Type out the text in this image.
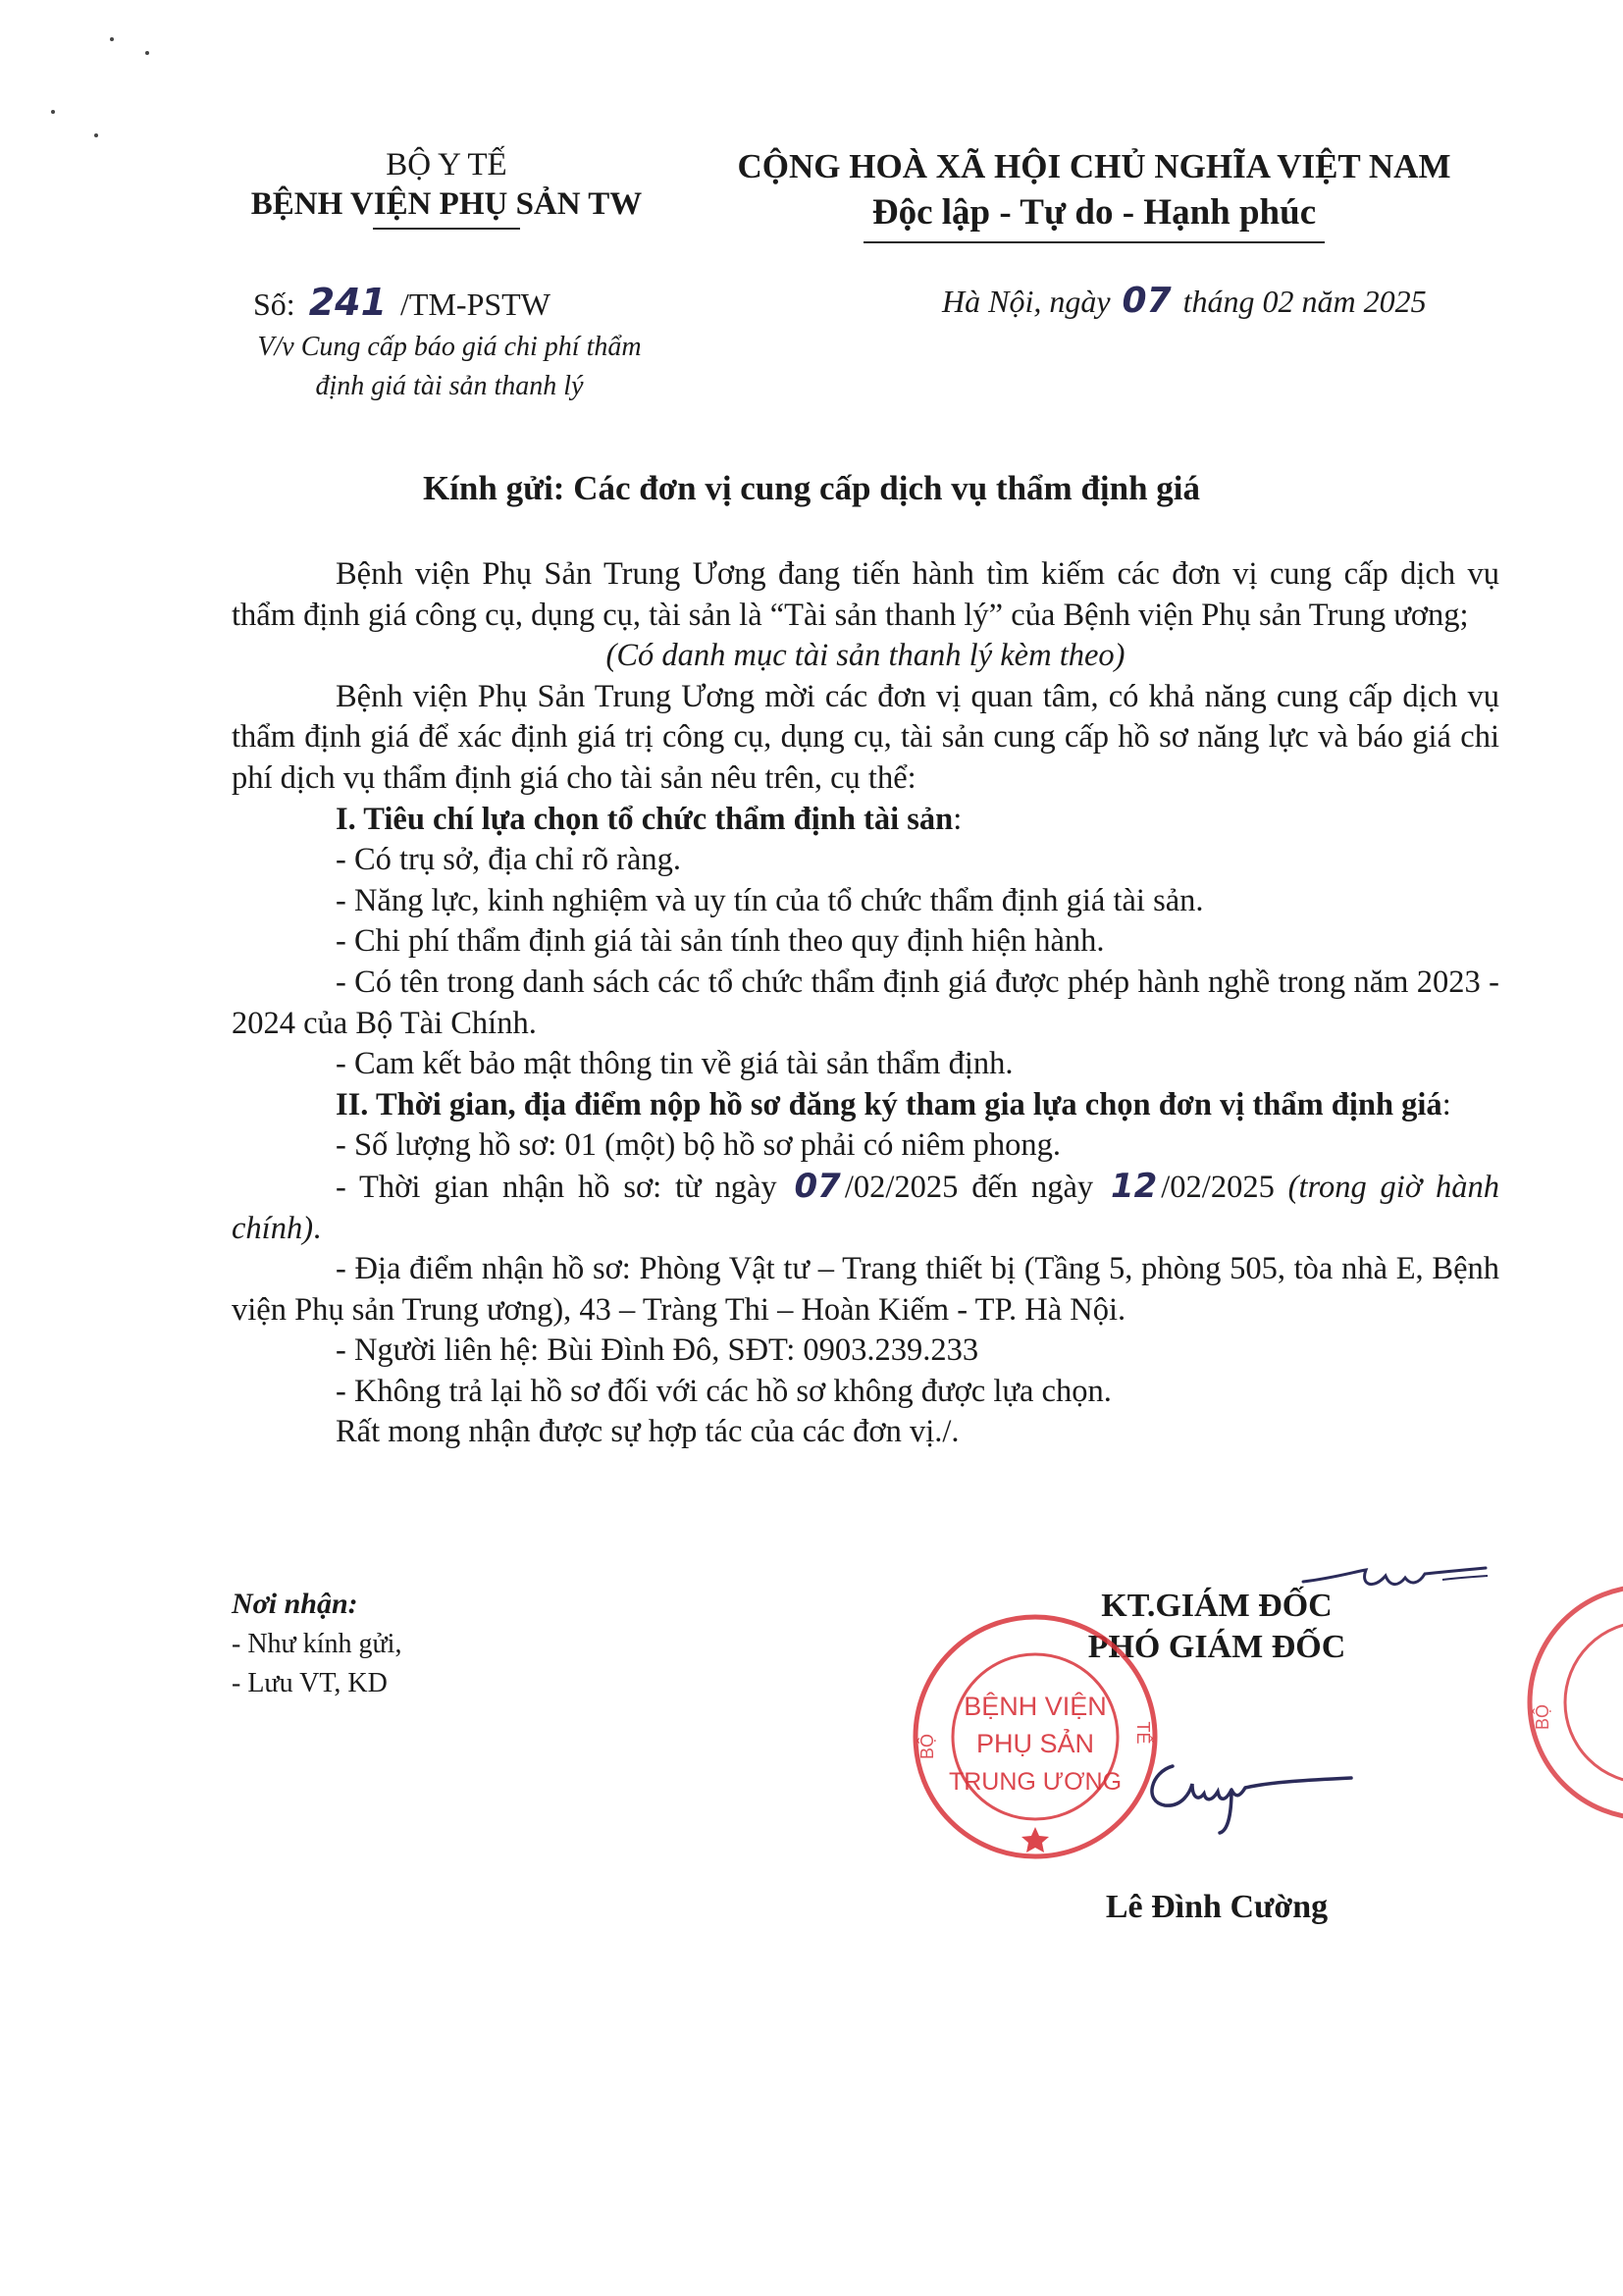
BỘ Y TẾ
BỆNH VIỆN PHỤ SẢN TW
CỘNG HOÀ XÃ HỘI CHỦ NGHĨA VIỆT NAM
Độc lập - Tự do - Hạnh phúc
Số: 241 /TM-PSTW
V/v Cung cấp báo giá chi phí thẩm
định giá tài sản thanh lý
Hà Nội, ngày 07 tháng 02 năm 2025
Kính gửi: Các đơn vị cung cấp dịch vụ thẩm định giá

Bệnh viện Phụ Sản Trung Ương đang tiến hành tìm kiếm các đơn vị cung cấp dịch vụ thẩm định giá công cụ, dụng cụ, tài sản là “Tài sản thanh lý” của Bệnh viện Phụ sản Trung ương;

(Có danh mục tài sản thanh lý kèm theo)

Bệnh viện Phụ Sản Trung Ương mời các đơn vị quan tâm, có khả năng cung cấp dịch vụ thẩm định giá để xác định giá trị công cụ, dụng cụ, tài sản cung cấp hồ sơ năng lực và báo giá chi phí dịch vụ thẩm định giá cho tài sản nêu trên, cụ thể:

I. Tiêu chí lựa chọn tổ chức thẩm định tài sản:

- Có trụ sở, địa chỉ rõ ràng.

- Năng lực, kinh nghiệm và uy tín của tổ chức thẩm định giá tài sản.

- Chi phí thẩm định giá tài sản tính theo quy định hiện hành.

- Có tên trong danh sách các tổ chức thẩm định giá được phép hành nghề trong năm 2023 - 2024 của Bộ Tài Chính.

- Cam kết bảo mật thông tin về giá tài sản thẩm định.

II. Thời gian, địa điểm nộp hồ sơ đăng ký tham gia lựa chọn đơn vị thẩm định giá:

- Số lượng hồ sơ: 01 (một) bộ hồ sơ phải có niêm phong.

- Thời gian nhận hồ sơ: từ ngày 07 /02/2025 đến ngày 12 /02/2025 (trong giờ hành chính).

- Địa điểm nhận hồ sơ: Phòng Vật tư – Trang thiết bị (Tầng 5, phòng 505, tòa nhà E, Bệnh viện Phụ sản Trung ương), 43 – Tràng Thi – Hoàn Kiếm - TP. Hà Nội.

- Người liên hệ: Bùi Đình Đô, SĐT: 0903.239.233

- Không trả lại hồ sơ đối với các hồ sơ không được lựa chọn.

Rất mong nhận được sự hợp tác của các đơn vị./.

Nơi nhận:
- Như kính gửi,
- Lưu VT, KD
KT.GIÁM ĐỐC
PHÓ GIÁM ĐỐC
BỆNH VIỆN
PHỤ SẢN
TRUNG ƯƠNG
BỘ
TẾ
BỘ
Lê Đình Cường
